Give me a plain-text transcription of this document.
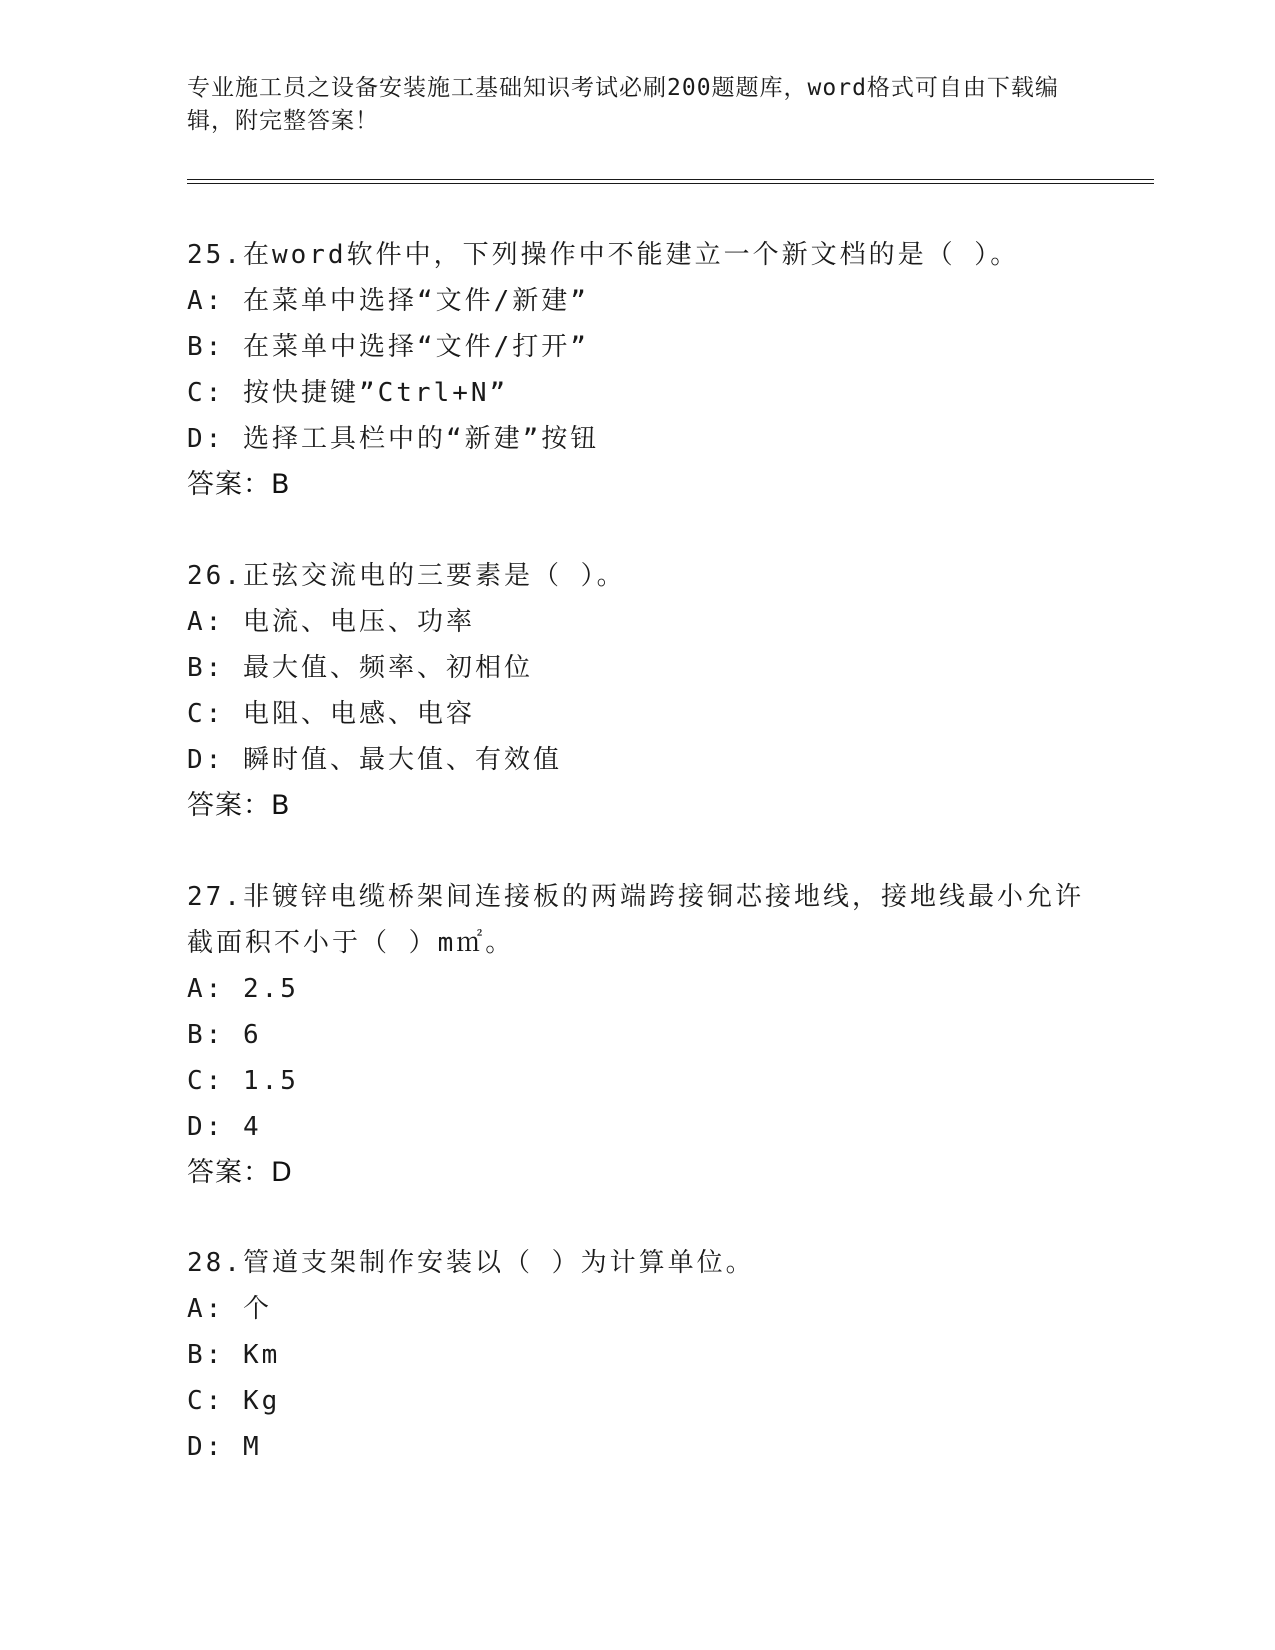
专业施工员之设备安装施工基础知识考试必刷200题题库，word格式可自由下载编辑，附完整答案！

25.在word软件中，下列操作中不能建立一个新文档的是（ ）。

A: 在菜单中选择“文件/新建”

B: 在菜单中选择“文件/打开”

C: 按快捷键”Ctrl+N”

D: 选择工具栏中的“新建”按钮

答案：B

26.正弦交流电的三要素是（ ）。

A: 电流、电压、功率

B: 最大值、频率、初相位

C: 电阻、电感、电容

D: 瞬时值、最大值、有效值

答案：B

27.非镀锌电缆桥架间连接板的两端跨接铜芯接地线，接地线最小允许截面积不小于（ ）m㎡。

A: 2.5

B: 6

C: 1.5

D: 4

答案：D

28.管道支架制作安装以（ ）为计算单位。

A: 个

B: Km

C: Kg

D: M
